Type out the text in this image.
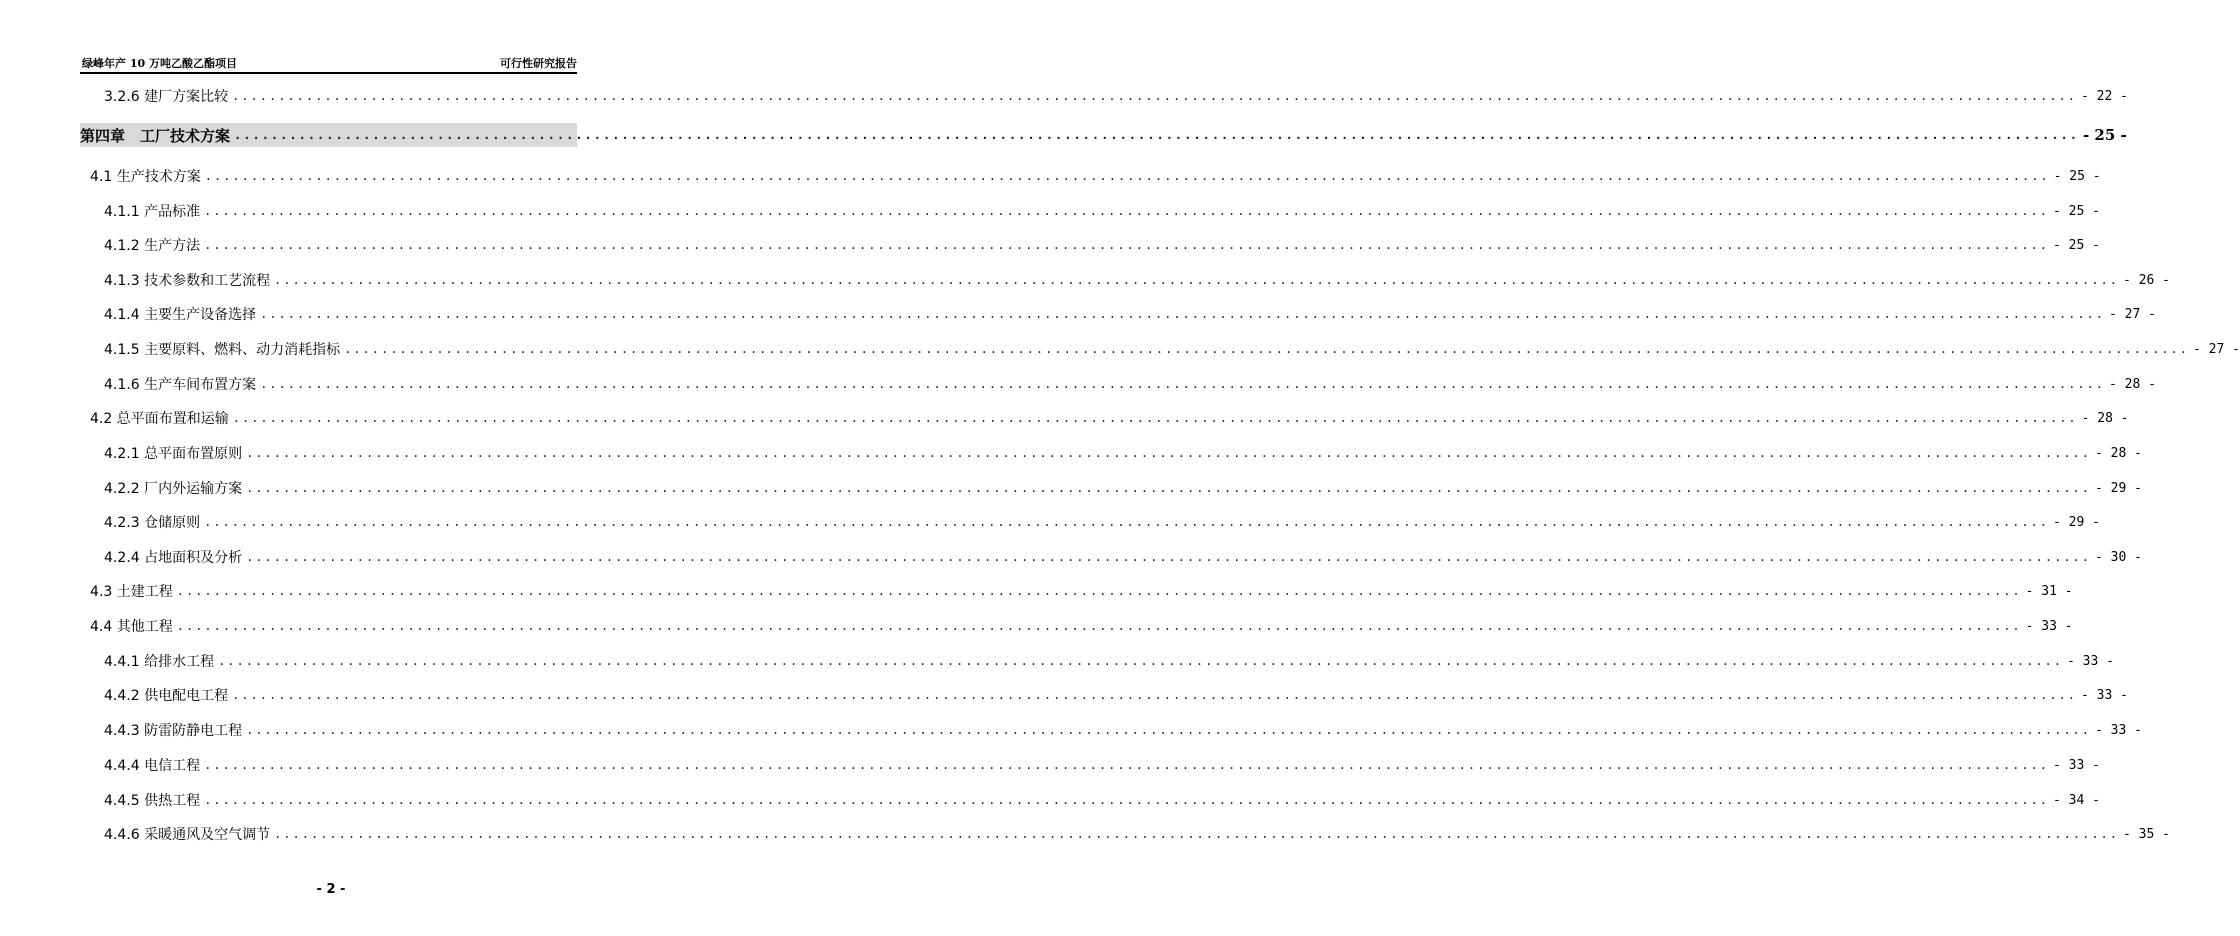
绿峰年产 10 万吨乙酸乙酯项目	可行性研究报告
3.2.6 建厂方案比较 ........................................................................................................................................................................................................ - 22 -
第四章　工厂技术方案 ........................................................................................................................................................................................................ - 25 -
4.1 生产技术方案 ........................................................................................................................................................................................................ - 25 -
4.1.1 产品标准 ........................................................................................................................................................................................................ - 25 -
4.1.2 生产方法 ........................................................................................................................................................................................................ - 25 -
4.1.3 技术参数和工艺流程 ........................................................................................................................................................................................................ - 26 -
4.1.4 主要生产设备选择 ........................................................................................................................................................................................................ - 27 -
4.1.5 主要原料、燃料、动力消耗指标 ........................................................................................................................................................................................................ - 27 -
4.1.6 生产车间布置方案 ........................................................................................................................................................................................................ - 28 -
4.2 总平面布置和运输 ........................................................................................................................................................................................................ - 28 -
4.2.1 总平面布置原则 ........................................................................................................................................................................................................ - 28 -
4.2.2 厂内外运输方案 ........................................................................................................................................................................................................ - 29 -
4.2.3 仓储原则 ........................................................................................................................................................................................................ - 29 -
4.2.4 占地面积及分析 ........................................................................................................................................................................................................ - 30 -
4.3 土建工程 ........................................................................................................................................................................................................ - 31 -
4.4 其他工程 ........................................................................................................................................................................................................ - 33 -
4.4.1 给排水工程 ........................................................................................................................................................................................................ - 33 -
4.4.2 供电配电工程 ........................................................................................................................................................................................................ - 33 -
4.4.3 防雷防静电工程 ........................................................................................................................................................................................................ - 33 -
4.4.4 电信工程 ........................................................................................................................................................................................................ - 33 -
4.4.5 供热工程 ........................................................................................................................................................................................................ - 34 -
4.4.6 采暖通风及空气调节 ........................................................................................................................................................................................................ - 35 -
- 2 -
